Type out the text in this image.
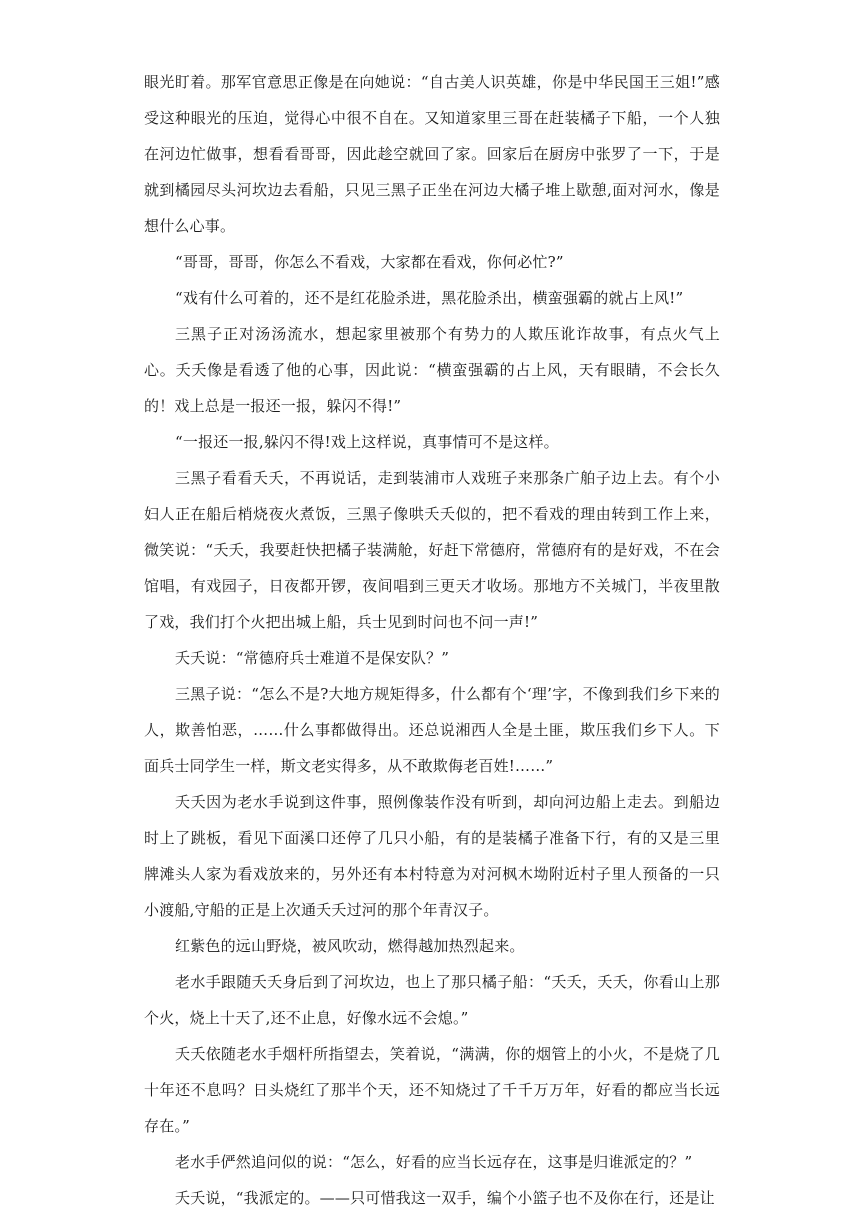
眼光盯着。那军官意思正像是在向她说：“自古美人识英雄，你是中华民国王三姐!”感受这种眼光的压迫，觉得心中很不自在。又知道家里三哥在赶装橘子下船，一个人独在河边忙做事，想看看哥哥，因此趁空就回了家。回家后在厨房中张罗了一下，于是就到橘园尽头河坎边去看船，只见三黑子正坐在河边大橘子堆上歇憩,面对河水，像是想什么心事。

“哥哥，哥哥，你怎么不看戏，大家都在看戏，你何必忙?”

“戏有什么可着的，还不是红花脸杀进，黑花脸杀出，横蛮强霸的就占上风!”

三黑子正对汤汤流水，想起家里被那个有势力的人欺压讹诈故事，有点火气上心。夭夭像是看透了他的心事，因此说：“横蛮强霸的占上风，天有眼睛，不会长久的！戏上总是一报还一报，躲闪不得!”

“一报还一报,躲闪不得!戏上这样说，真事情可不是这样。

三黑子看看夭夭，不再说话，走到装浦市人戏班子来那条广舶子边上去。有个小妇人正在船后梢烧夜火煮饭，三黑子像哄夭夭似的，把不看戏的理由转到工作上来，微笑说：“夭夭，我要赶快把橘子装满舱，好赶下常德府，常德府有的是好戏，不在会馆唱，有戏园子，日夜都开锣，夜间唱到三更天才收场。那地方不关城门，半夜里散了戏，我们打个火把出城上船，兵士见到时问也不问一声!”

夭夭说：“常德府兵士难道不是保安队？”

三黑子说：“怎么不是?大地方规矩得多，什么都有个‘理’字，不像到我们乡下来的人，欺善怕恶，……什么事都做得出。还总说湘西人全是土匪，欺压我们乡下人。下面兵士同学生一样，斯文老实得多，从不敢欺侮老百姓!……”

夭夭因为老水手说到这件事，照例像装作没有听到，却向河边船上走去。到船边时上了跳板，看见下面溪口还停了几只小船，有的是装橘子准备下行，有的又是三里牌滩头人家为看戏放来的，另外还有本村特意为对河枫木坳附近村子里人预备的一只小渡船,守船的正是上次通夭夭过河的那个年青汉子。

红紫色的远山野烧，被风吹动，燃得越加热烈起来。

老水手跟随夭夭身后到了河坎边，也上了那只橘子船：“夭夭，夭夭，你看山上那个火，烧上十天了,还不止息，好像水远不会熄。”

夭夭依随老水手烟杆所指望去，笑着说，“满满，你的烟管上的小火，不是烧了几十年还不息吗？日头烧红了那半个天，还不知烧过了千千万万年，好看的都应当长远存在。”

老水手俨然追问似的说：“怎么，好看的应当长远存在，这事是归谁派定的？”

夭夭说，“我派定的。——只可惜我这一双手，编个小篮子也不及你在行，还是让
